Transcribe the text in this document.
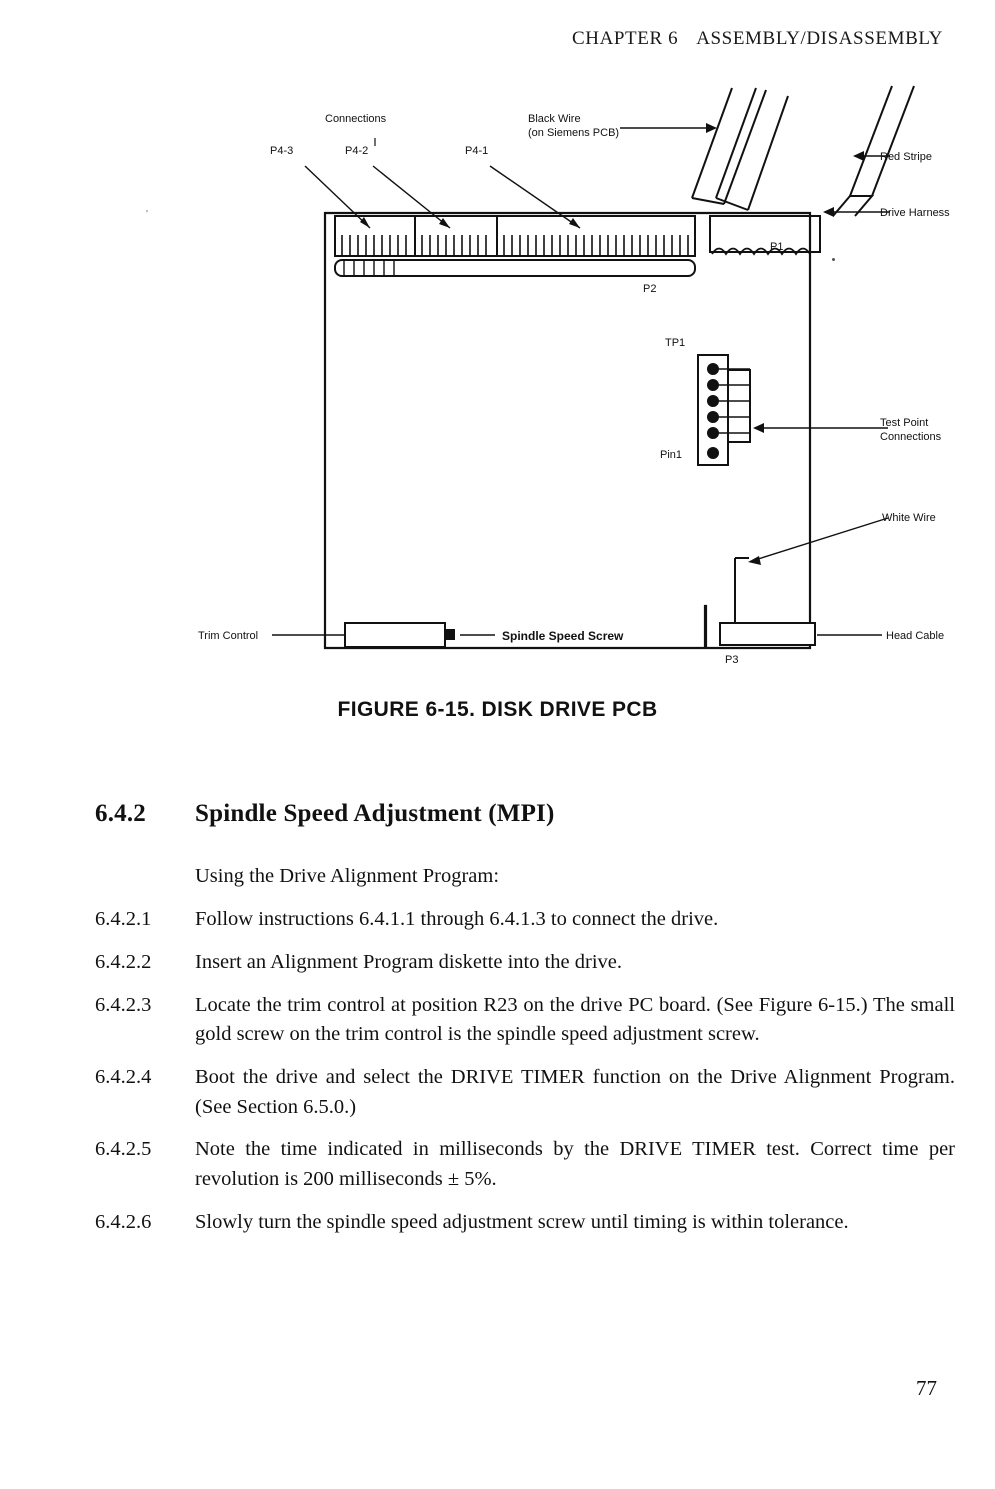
CHAPTER 6 ASSEMBLY/DISASSEMBLY
'
Connections
P4-3	P4-2	P4-1
Black Wire
(on Siemens PCB)
Red Stripe
Drive Harness
P1
P2
TP1
Pin1
Test Point
Connections
White Wire
Trim Control	Spindle Speed Screw	Head Cable
P3
FIGURE 6-15. DISK DRIVE PCB
6.4.2 Spindle Speed Adjustment (MPI)

Using the Drive Alignment Program:

6.4.2.1	Follow instructions 6.4.1.1 through 6.4.1.3 to connect the drive.
6.4.2.2	Insert an Alignment Program diskette into the drive.
6.4.2.3	Locate the trim control at position R23 on the drive PC board. (See Figure 6-15.) The small gold screw on the trim control is the spindle speed adjustment screw.
6.4.2.4	Boot the drive and select the DRIVE TIMER function on the Drive Alignment Program. (See Section 6.5.0.)
6.4.2.5	Note the time indicated in milliseconds by the DRIVE TIMER test. Correct time per revolution is 200 milliseconds ± 5%.
6.4.2.6	Slowly turn the spindle speed adjustment screw until timing is within tolerance.
77
